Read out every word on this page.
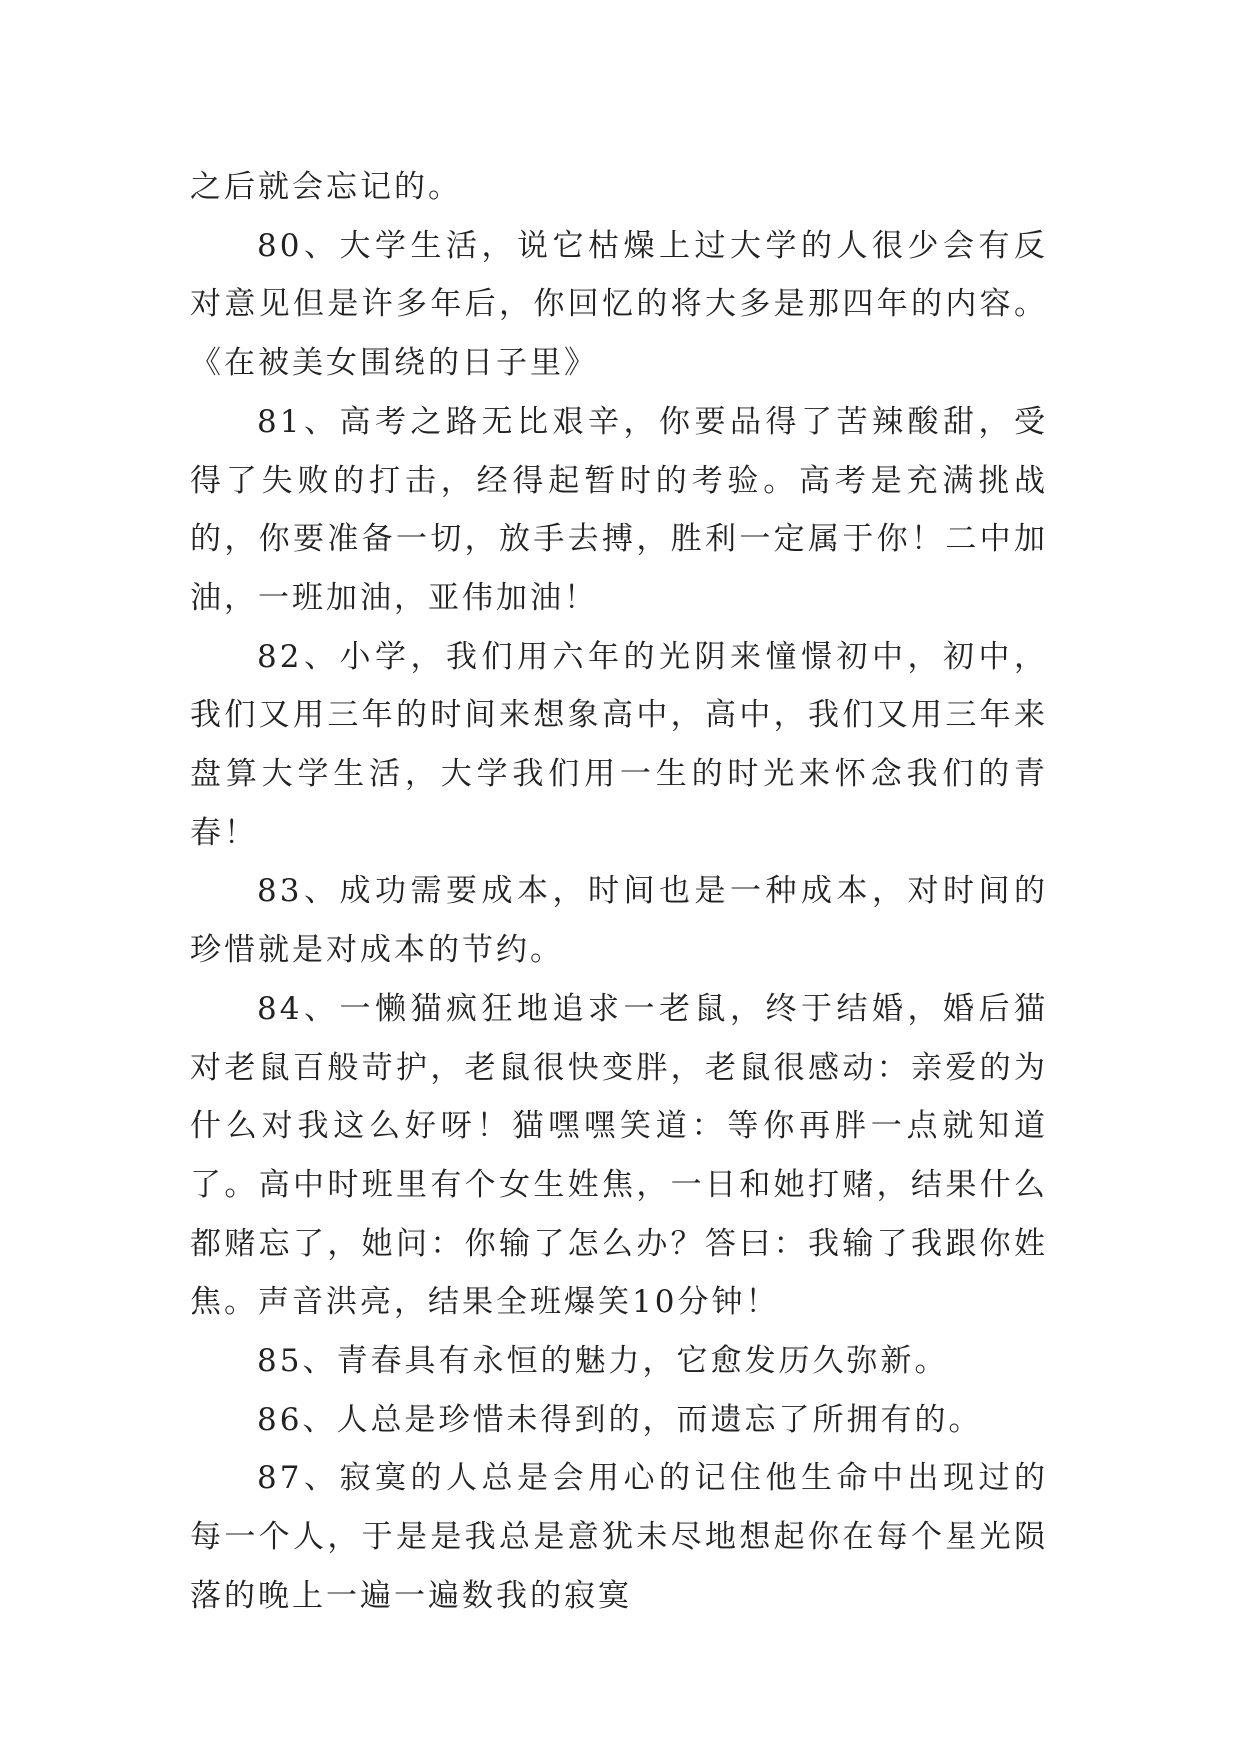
之后就会忘记的。

80、大学生活，说它枯燥上过大学的人很少会有反对意见但是许多年后，你回忆的将大多是那四年的内容。《在被美女围绕的日子里》

81、高考之路无比艰辛，你要品得了苦辣酸甜，受得了失败的打击，经得起暂时的考验。高考是充满挑战的，你要准备一切，放手去搏，胜利一定属于你！二中加油，一班加油，亚伟加油！

82、小学，我们用六年的光阴来憧憬初中，初中，我们又用三年的时间来想象高中，高中，我们又用三年来盘算大学生活，大学我们用一生的时光来怀念我们的青春！

83、成功需要成本，时间也是一种成本，对时间的珍惜就是对成本的节约。

84、一懒猫疯狂地追求一老鼠，终于结婚，婚后猫对老鼠百般苛护，老鼠很快变胖，老鼠很感动：亲爱的为什么对我这么好呀！猫嘿嘿笑道：等你再胖一点就知道了。高中时班里有个女生姓焦，一日和她打赌，结果什么都赌忘了，她问：你输了怎么办？答曰：我输了我跟你姓焦。声音洪亮，结果全班爆笑10分钟！

85、青春具有永恒的魅力，它愈发历久弥新。

86、人总是珍惜未得到的，而遗忘了所拥有的。

87、寂寞的人总是会用心的记住他生命中出现过的每一个人，于是是我总是意犹未尽地想起你在每个星光陨落的晚上一遍一遍数我的寂寞
